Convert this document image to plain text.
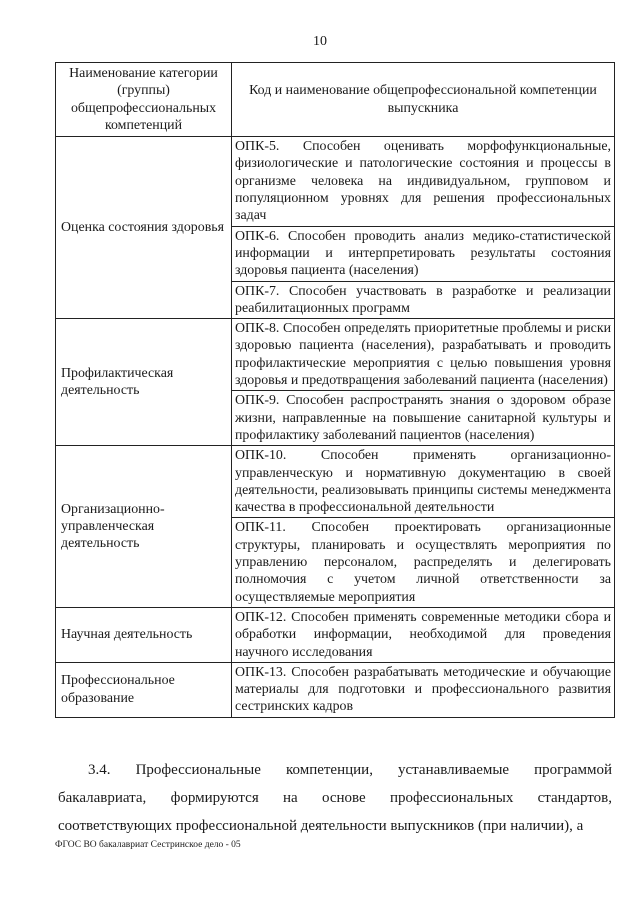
10
Наименование категории (группы) общепрофессиональных компетенций	Код и наименование общепрофессиональной компетенции выпускника

Оценка состояния здоровья	ОПК-5. Способен оценивать морфофункциональные, физиологические и патологические состояния и процессы в организме человека на индивидуальном, групповом и популяционном уровнях для решения профессиональных задач
	ОПК-6. Способен проводить анализ медико-статистической информации и интерпретировать результаты состояния здоровья пациента (населения)
	ОПК-7. Способен участвовать в разработке и реализации реабилитационных программ

Профилактическая деятельность	ОПК-8. Способен определять приоритетные проблемы и риски здоровью пациента (населения), разрабатывать и проводить профилактические мероприятия с целью повышения уровня здоровья и предотвращения заболеваний пациента (населения)
	ОПК-9. Способен распространять знания о здоровом образе жизни, направленные на повышение санитарной культуры и профилактику заболеваний пациентов (населения)

Организационно-управленческая деятельность	ОПК-10. Способен применять организационно-управленческую и нормативную документацию в своей деятельности, реализовывать принципы системы менеджмента качества в профессиональной деятельности
	ОПК-11. Способен проектировать организационные структуры, планировать и осуществлять мероприятия по управлению персоналом, распределять и делегировать полномочия с учетом личной ответственности за осуществляемые мероприятия

Научная деятельность	ОПК-12. Способен применять современные методики сбора и обработки информации, необходимой для проведения научного исследования

Профессиональное образование	ОПК-13. Способен разрабатывать методические и обучающие материалы для подготовки и профессионального развития сестринских кадров

3.4. Профессиональные компетенции, устанавливаемые программой бакалавриата, формируются на основе профессиональных стандартов, соответствующих профессиональной деятельности выпускников (при наличии), а

ФГОС ВО бакалавриат Сестринское дело - 05
